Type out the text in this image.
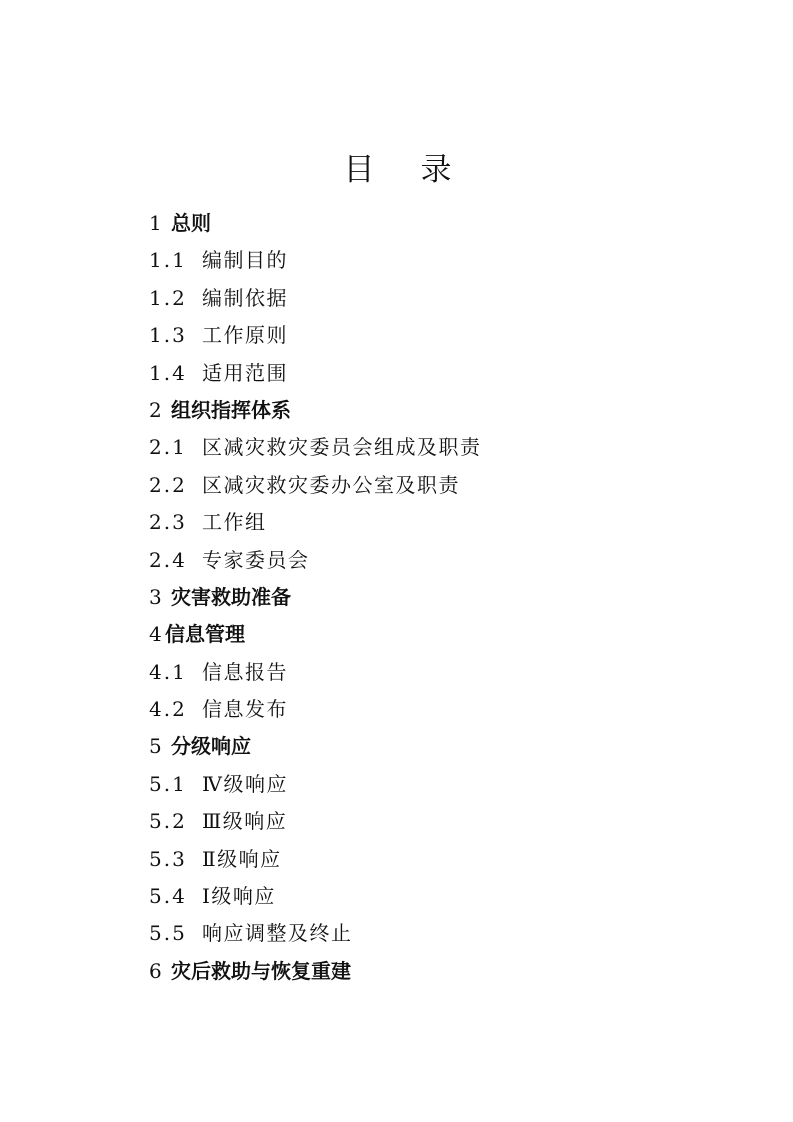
目录
1 总则
1.1 编制目的
1.2 编制依据
1.3 工作原则
1.4 适用范围
2 组织指挥体系
2.1 区减灾救灾委员会组成及职责
2.2 区减灾救灾委办公室及职责
2.3 工作组
2.4 专家委员会
3 灾害救助准备
4 信息管理
4.1 信息报告
4.2 信息发布
5 分级响应
5.1 Ⅳ级响应
5.2 Ⅲ级响应
5.3 Ⅱ级响应
5.4 Ⅰ级响应
5.5 响应调整及终止
6 灾后救助与恢复重建
